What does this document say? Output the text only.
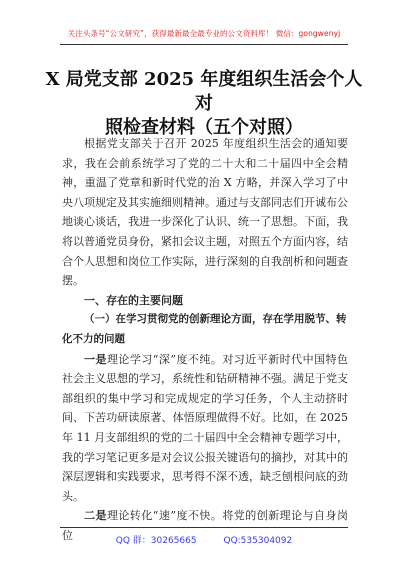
关注头条号“公文研究”，获得最新最全最专业的公文资料库！ 微信：gongwenyj
X 局党支部 2025 年度组织生活会个人对
照检查材料（五个对照）

根据党支部关于召开 2025 年度组织生活会的通知要求，我在会前系统学习了党的二十大和二十届四中全会精神，重温了党章和新时代党的治 X 方略，并深入学习了中央八项规定及其实施细则精神。通过与支部同志们开诚布公地谈心谈话，我进一步深化了认识、统一了思想。下面，我将以普通党员身份，紧扣会议主题，对照五个方面内容，结合个人思想和岗位工作实际，进行深刻的自我剖析和问题查摆。

一、存在的主要问题

（一）在学习贯彻党的创新理论方面，存在学用脱节、转化不力的问题

一是理论学习“深”度不纯。对习近平新时代中国特色社会主义思想的学习，系统性和钻研精神不强。满足于党支部组织的集中学习和完成规定的学习任务，个人主动挤时间、下苦功研读原著、体悟原理做得不好。比如，在 2025 年 11 月支部组织的党的二十届四中全会精神专题学习中，我的学习笔记更多是对会议公报关键语句的摘抄，对其中的深层逻辑和实践要求，思考得不深不透，缺乏刨根问底的劲头。

二是理论转化“速”度不快。将党的创新理论与自身岗位	QQ 群：30265665	QQ:535304092
